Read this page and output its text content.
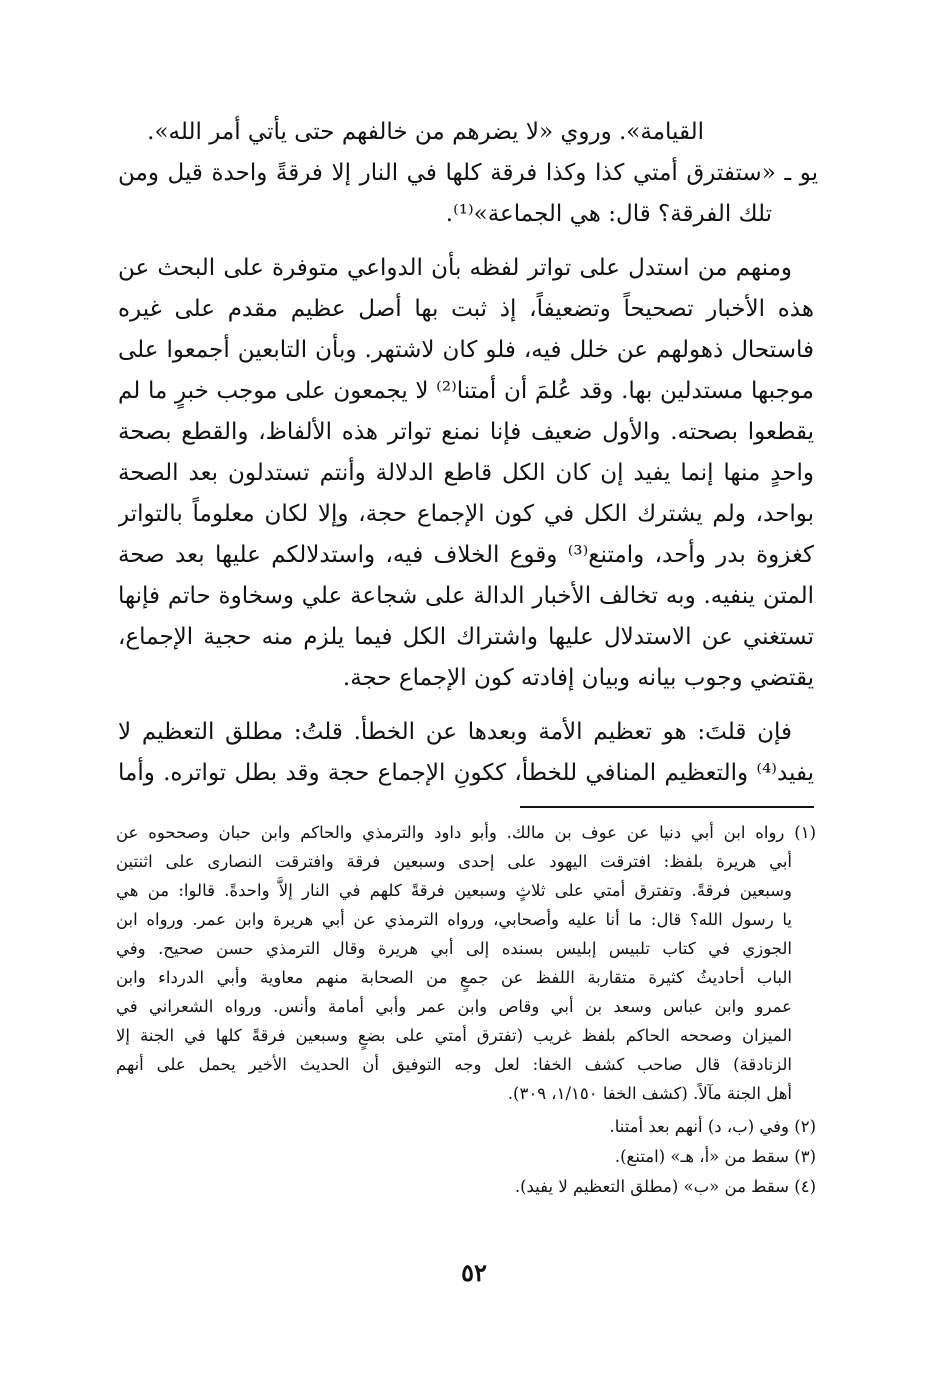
القيامة». وروي «لا يضرهم من خالفهم حتى يأتي أمر الله».
يو ـ «ستفترق أمتي كذا وكذا فرقة كلها في النار إلا فرقةً واحدة قيل ومن
تلك الفرقة؟ قال: هي الجماعة»⁽¹⁾.
ومنهم من استدل على تواتر لفظه بأن الدواعي متوفرة على البحث عن
هذه الأخبار تصحيحاً وتضعيفاً، إذ ثبت بها أصل عظيم مقدم على غيره
فاستحال ذهولهم عن خلل فيه، فلو كان لاشتهر. وبأن التابعين أجمعوا على
موجبها مستدلين بها. وقد عُلمَ أن أمتنا⁽²⁾ لا يجمعون على موجب خبرٍ ما لم
يقطعوا بصحته. والأول ضعيف فإنا نمنع تواتر هذه الألفاظ، والقطع بصحة
واحدٍ منها إنما يفيد إن كان الكل قاطع الدلالة وأنتم تستدلون بعد الصحة
بواحد، ولم يشترك الكل في كون الإجماع حجة، وإلا لكان معلوماً بالتواتر
كغزوة بدر وأحد، وامتنع⁽³⁾ وقوع الخلاف فيه، واستدلالكم عليها بعد صحة
المتن ينفيه. وبه تخالف الأخبار الدالة على شجاعة علي وسخاوة حاتم فإنها
تستغني عن الاستدلال عليها واشتراك الكل فيما يلزم منه حجية الإجماع،
يقتضي وجوب بيانه وبيان إفادته كون الإجماع حجة.
فإن قلتَ: هو تعظيم الأمة وبعدها عن الخطأ. قلتُ: مطلق التعظيم لا
يفيد⁽⁴⁾ والتعظيم المنافي للخطأ، ككونِ الإجماع حجة وقد بطل تواتره. وأما
(١) رواه ابن أبي دنيا عن عوف بن مالك. وأبو داود والترمذي والحاكم وابن حبان وصححوه عن
أبي هريرة بلفظ: افترقت اليهود على إحدى وسبعين فرقة وافترقت النصارى على اثنتين
وسبعين فرقةً. وتفترق أمتي على ثلاثٍ وسبعين فرقةً كلهم في النار إلاَّ واحدةً. قالوا: من هي
يا رسول الله؟ قال: ما أنا عليه وأصحابي، ورواه الترمذي عن أبي هريرة وابن عمر. ورواه ابن
الجوزي في كتاب تلبيس إبليس بسنده إلى أبي هريرة وقال الترمذي حسن صحيح. وفي
الباب أحاديثُ كثيرة متقاربة اللفظ عن جمعٍ من الصحابة منهم معاوية وأبي الدرداء وابن
عمرو وابن عباس وسعد بن أبي وقاص وابن عمر وأبي أمامة وأنس. ورواه الشعراني في
الميزان وصححه الحاكم بلفظ غريب (تفترق أمتي على بضعٍ وسبعين فرقةً كلها في الجنة إلا
الزنادقة) قال صاحب كشف الخفا: لعل وجه التوفيق أن الحديث الأخير يحمل على أنهم
أهل الجنة مآلاً. (كشف الخفا ١/١٥٠، ٣٠٩).
(٢) وفي (ب، د) أنهم بعد أمتنا.
(٣) سقط من «أ، هـ» (امتنع).
(٤) سقط من «ب» (مطلق التعظيم لا يفيد).
٥٢
